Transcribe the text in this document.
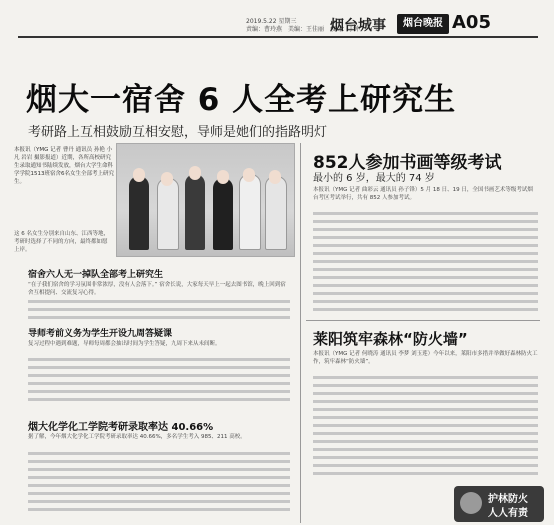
2019.5.22 星期三
责编：曹玲燕　美编：王佳丽　校对：于冲
烟台城事	烟台晚报 A05
烟大一宿舍 6 人全考上研究生
考研路上互相鼓励互相安慰，导师是她们的指路明灯
本报讯（YMG 记者 曹丹 通讯员 孙艳 小凡 岩岩 摄影报道）近期，各所高校研究生录取通知书陆续发放，烟台大学生命科学学院1513班宿舍6名女生全部考上研究生。
这 6 名女生分别来自山东、江西等地，考研时选择了不同的方向，最终都如愿上岸。
宿舍六人无一掉队全部考上研究生
“在子我们宿舍的学习氛围非常浓厚，没有人会落下。” 宿舍长说，大家每天早上一起去图书馆，晚上回到宿舍互相提问、交流复习心得。
导师考前义务为学生开设九周答疑课
复习过程中遇到难题，导师每周都会抽出时间为学生答疑，九周下来从未间断。
烟大化学化工学院考研录取率达 40.66%
据了解，今年烟大化学化工学院考研录取率达 40.66%，多名学生考入 985、211 高校。
852人参加书画等级考试
最小的 6 岁，最大的 74 岁
本报讯（YMG 记者 曲彩云 通讯员 孙子锋）5 月 18 日、19 日，全国书画艺术等级考试烟台考区考试举行，共有 852 人参加考试。
莱阳筑牢森林“防火墙”
本报讯（YMG 记者 何晓涛 通讯员 李梦 刘玉莲）今年以来，莱阳市多措并举做好森林防火工作，筑牢森林“防火墙”。
护林防火
人人有责
